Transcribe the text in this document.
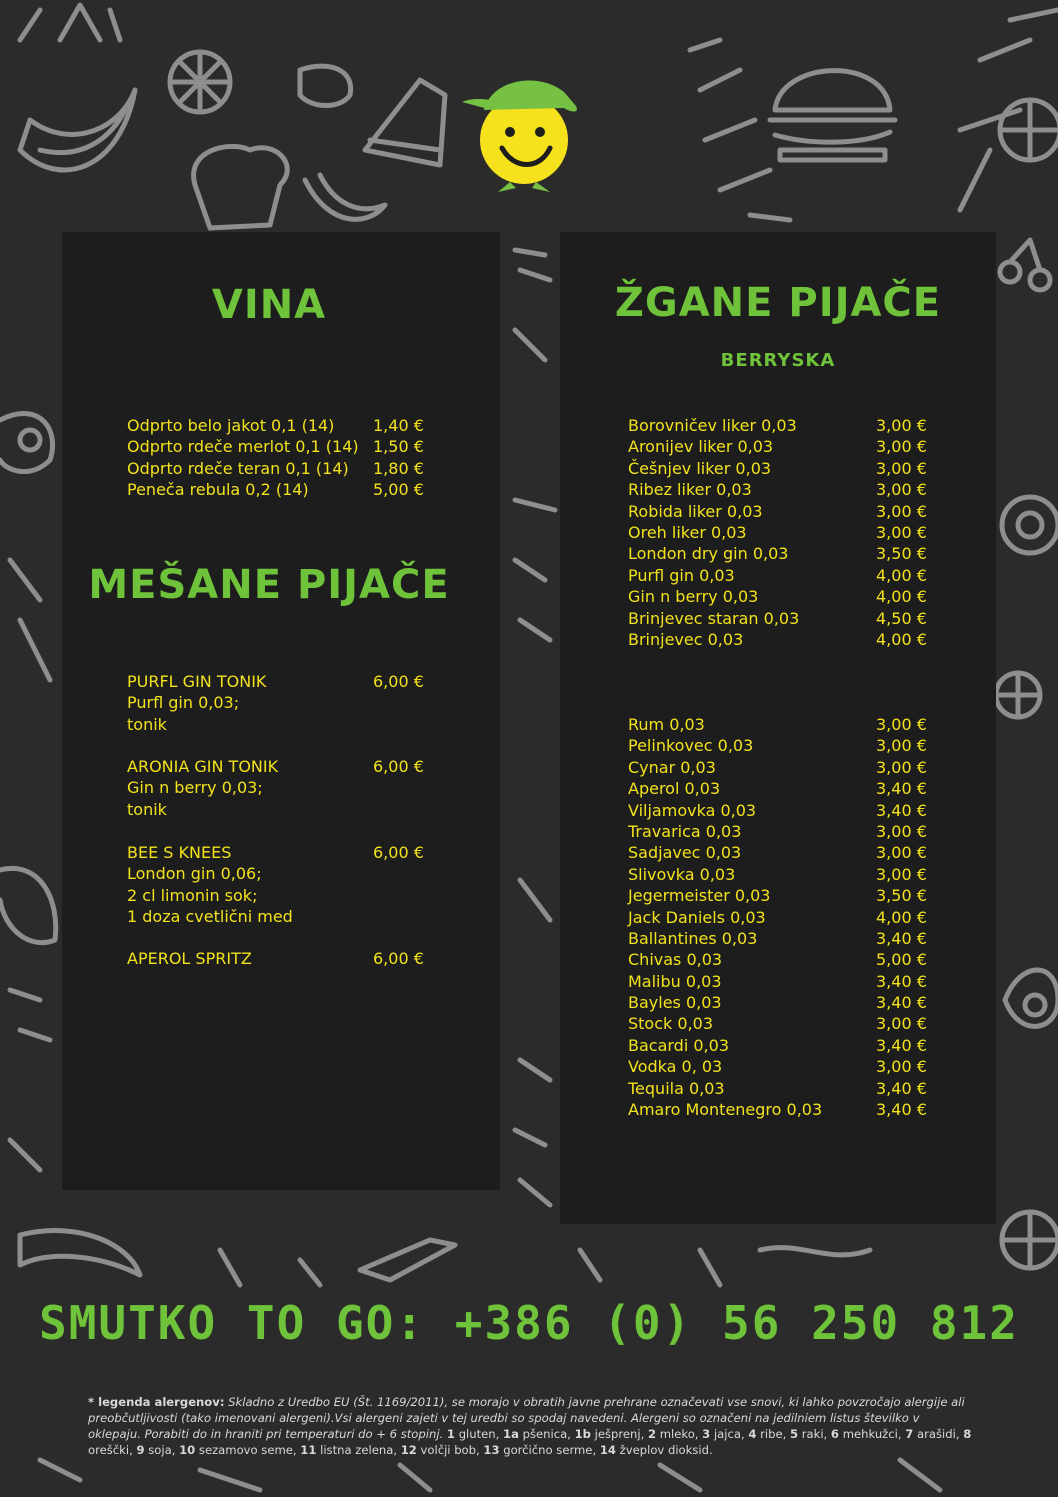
VINA
Odprto belo jakot 0,1 (14) 1,40 €
Odprto rdeče merlot 0,1 (14) 1,50 €
Odprto rdeče teran 0,1 (14) 1,80 €
Peneča rebula 0,2 (14)	5,00 €
MEŠANE PIJAČE
PURFL GIN TONIK	6,00 €
Purfl gin 0,03;
tonik
ARONIA GIN TONIK	6,00 €
Gin n berry 0,03;
tonik
BEE S KNEES	6,00 €
London gin 0,06;
2 cl limonin sok;
1 doza cvetlični med
APEROL SPRITZ	6,00 €
ŽGANE PIJAČE
BERRYSKA
Borovničev liker 0,03	3,00 €
Aronijev liker 0,03	3,00 €
Češnjev liker 0,03	3,00 €
Ribez liker 0,03	3,00 €
Robida liker 0,03	3,00 €
Oreh liker 0,03	3,00 €
London dry gin 0,03	3,50 €
Purfl gin 0,03	4,00 €
Gin n berry 0,03	4,00 €
Brinjevec staran 0,03	4,50 €
Brinjevec 0,03	4,00 €
Rum 0,03	3,00 €
Pelinkovec 0,03	3,00 €
Cynar 0,03	3,00 €
Aperol 0,03	3,40 €
Viljamovka 0,03	3,40 €
Travarica 0,03	3,00 €
Sadjavec 0,03	3,00 €
Slivovka 0,03	3,00 €
Jegermeister 0,03	3,50 €
Jack Daniels 0,03	4,00 €
Ballantines 0,03	3,40 €
Chivas 0,03	5,00 €
Malibu 0,03	3,40 €
Bayles 0,03	3,40 €
Stock 0,03	3,00 €
Bacardi 0,03	3,40 €
Vodka 0, 03	3,00 €
Tequila 0,03	3,40 €
Amaro Montenegro 0,03	3,40 €
SMUTKO TO GO: +386 (0) 56 250 812
* legenda alergenov: Skladno z Uredbo EU (Št. 1169/2011), se morajo v obratih javne prehrane označevati vse snovi, ki lahko povzročajo alergije ali preobčutljivosti (tako imenovani alergeni).Vsi alergeni zajeti v tej uredbi so spodaj navedeni. Alergeni so označeni na jedilniem listus številko v oklepaju. Porabiti do in hraniti pri temperaturi do + 6 stopinj. 1 gluten, 1a pšenica, 1b ješprenj, 2 mleko, 3 jajca, 4 ribe, 5 raki, 6 mehkužci, 7 arašidi, 8 oreščki, 9 soja, 10 sezamovo seme, 11 listna zelena, 12 volčji bob, 13 gorčično serme, 14 žveplov dioksid.
